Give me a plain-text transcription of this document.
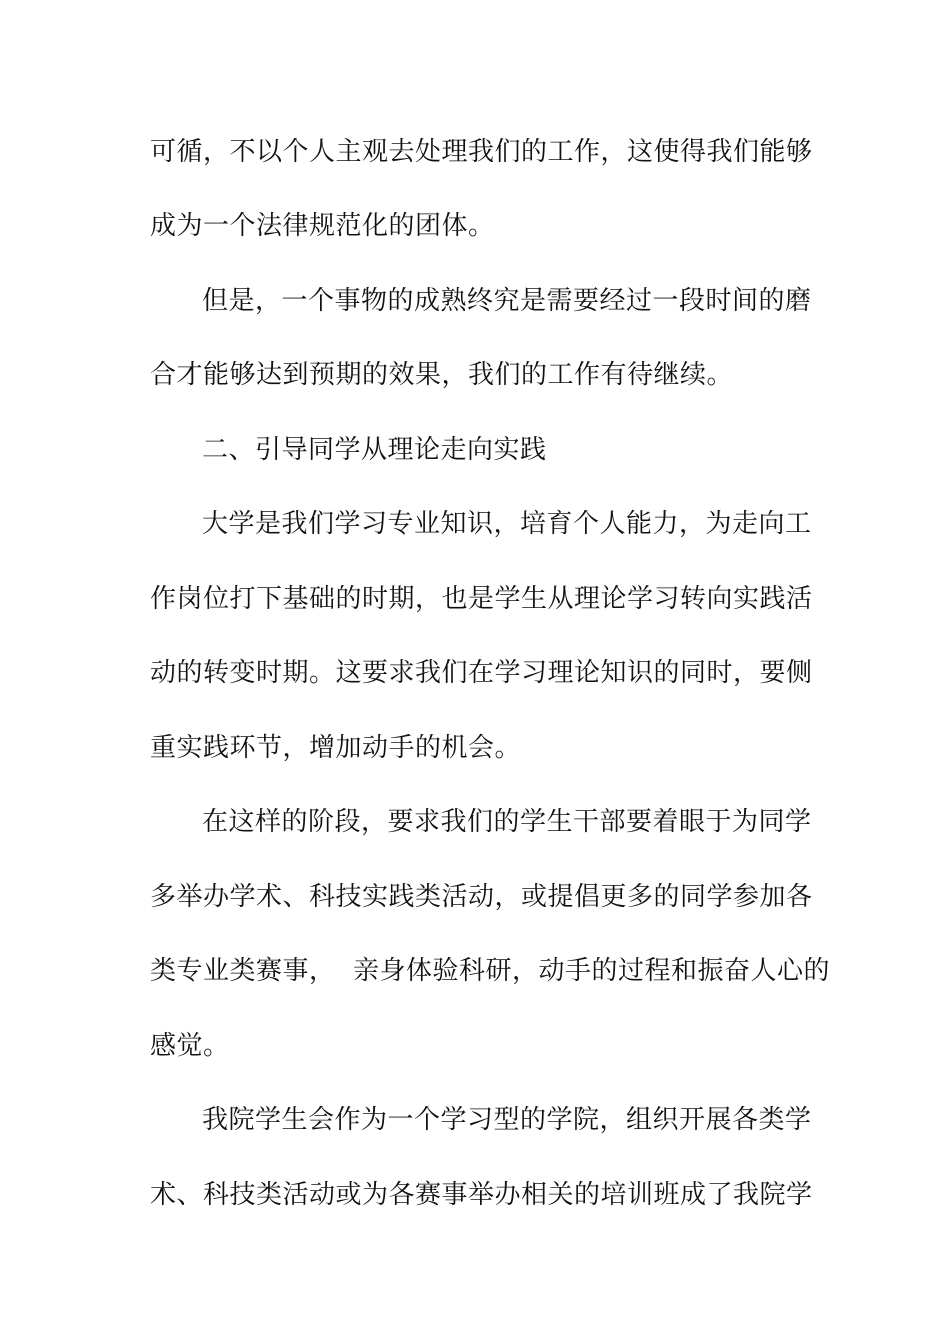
可循，不以个人主观去处理我们的工作，这使得我们能够

成为一个法律规范化的团体。

但是，一个事物的成熟终究是需要经过一段时间的磨

合才能够达到预期的效果，我们的工作有待继续。

二、引导同学从理论走向实践

大学是我们学习专业知识，培育个人能力，为走向工

作岗位打下基础的时期，也是学生从理论学习转向实践活

动的转变时期。这要求我们在学习理论知识的同时，要侧

重实践环节，增加动手的机会。

在这样的阶段，要求我们的学生干部要着眼于为同学

多举办学术、科技实践类活动，或提倡更多的同学参加各

类专业类赛事，  亲身体验科研，动手的过程和振奋人心的

感觉。

我院学生会作为一个学习型的学院，组织开展各类学

术、科技类活动或为各赛事举办相关的培训班成了我院学
